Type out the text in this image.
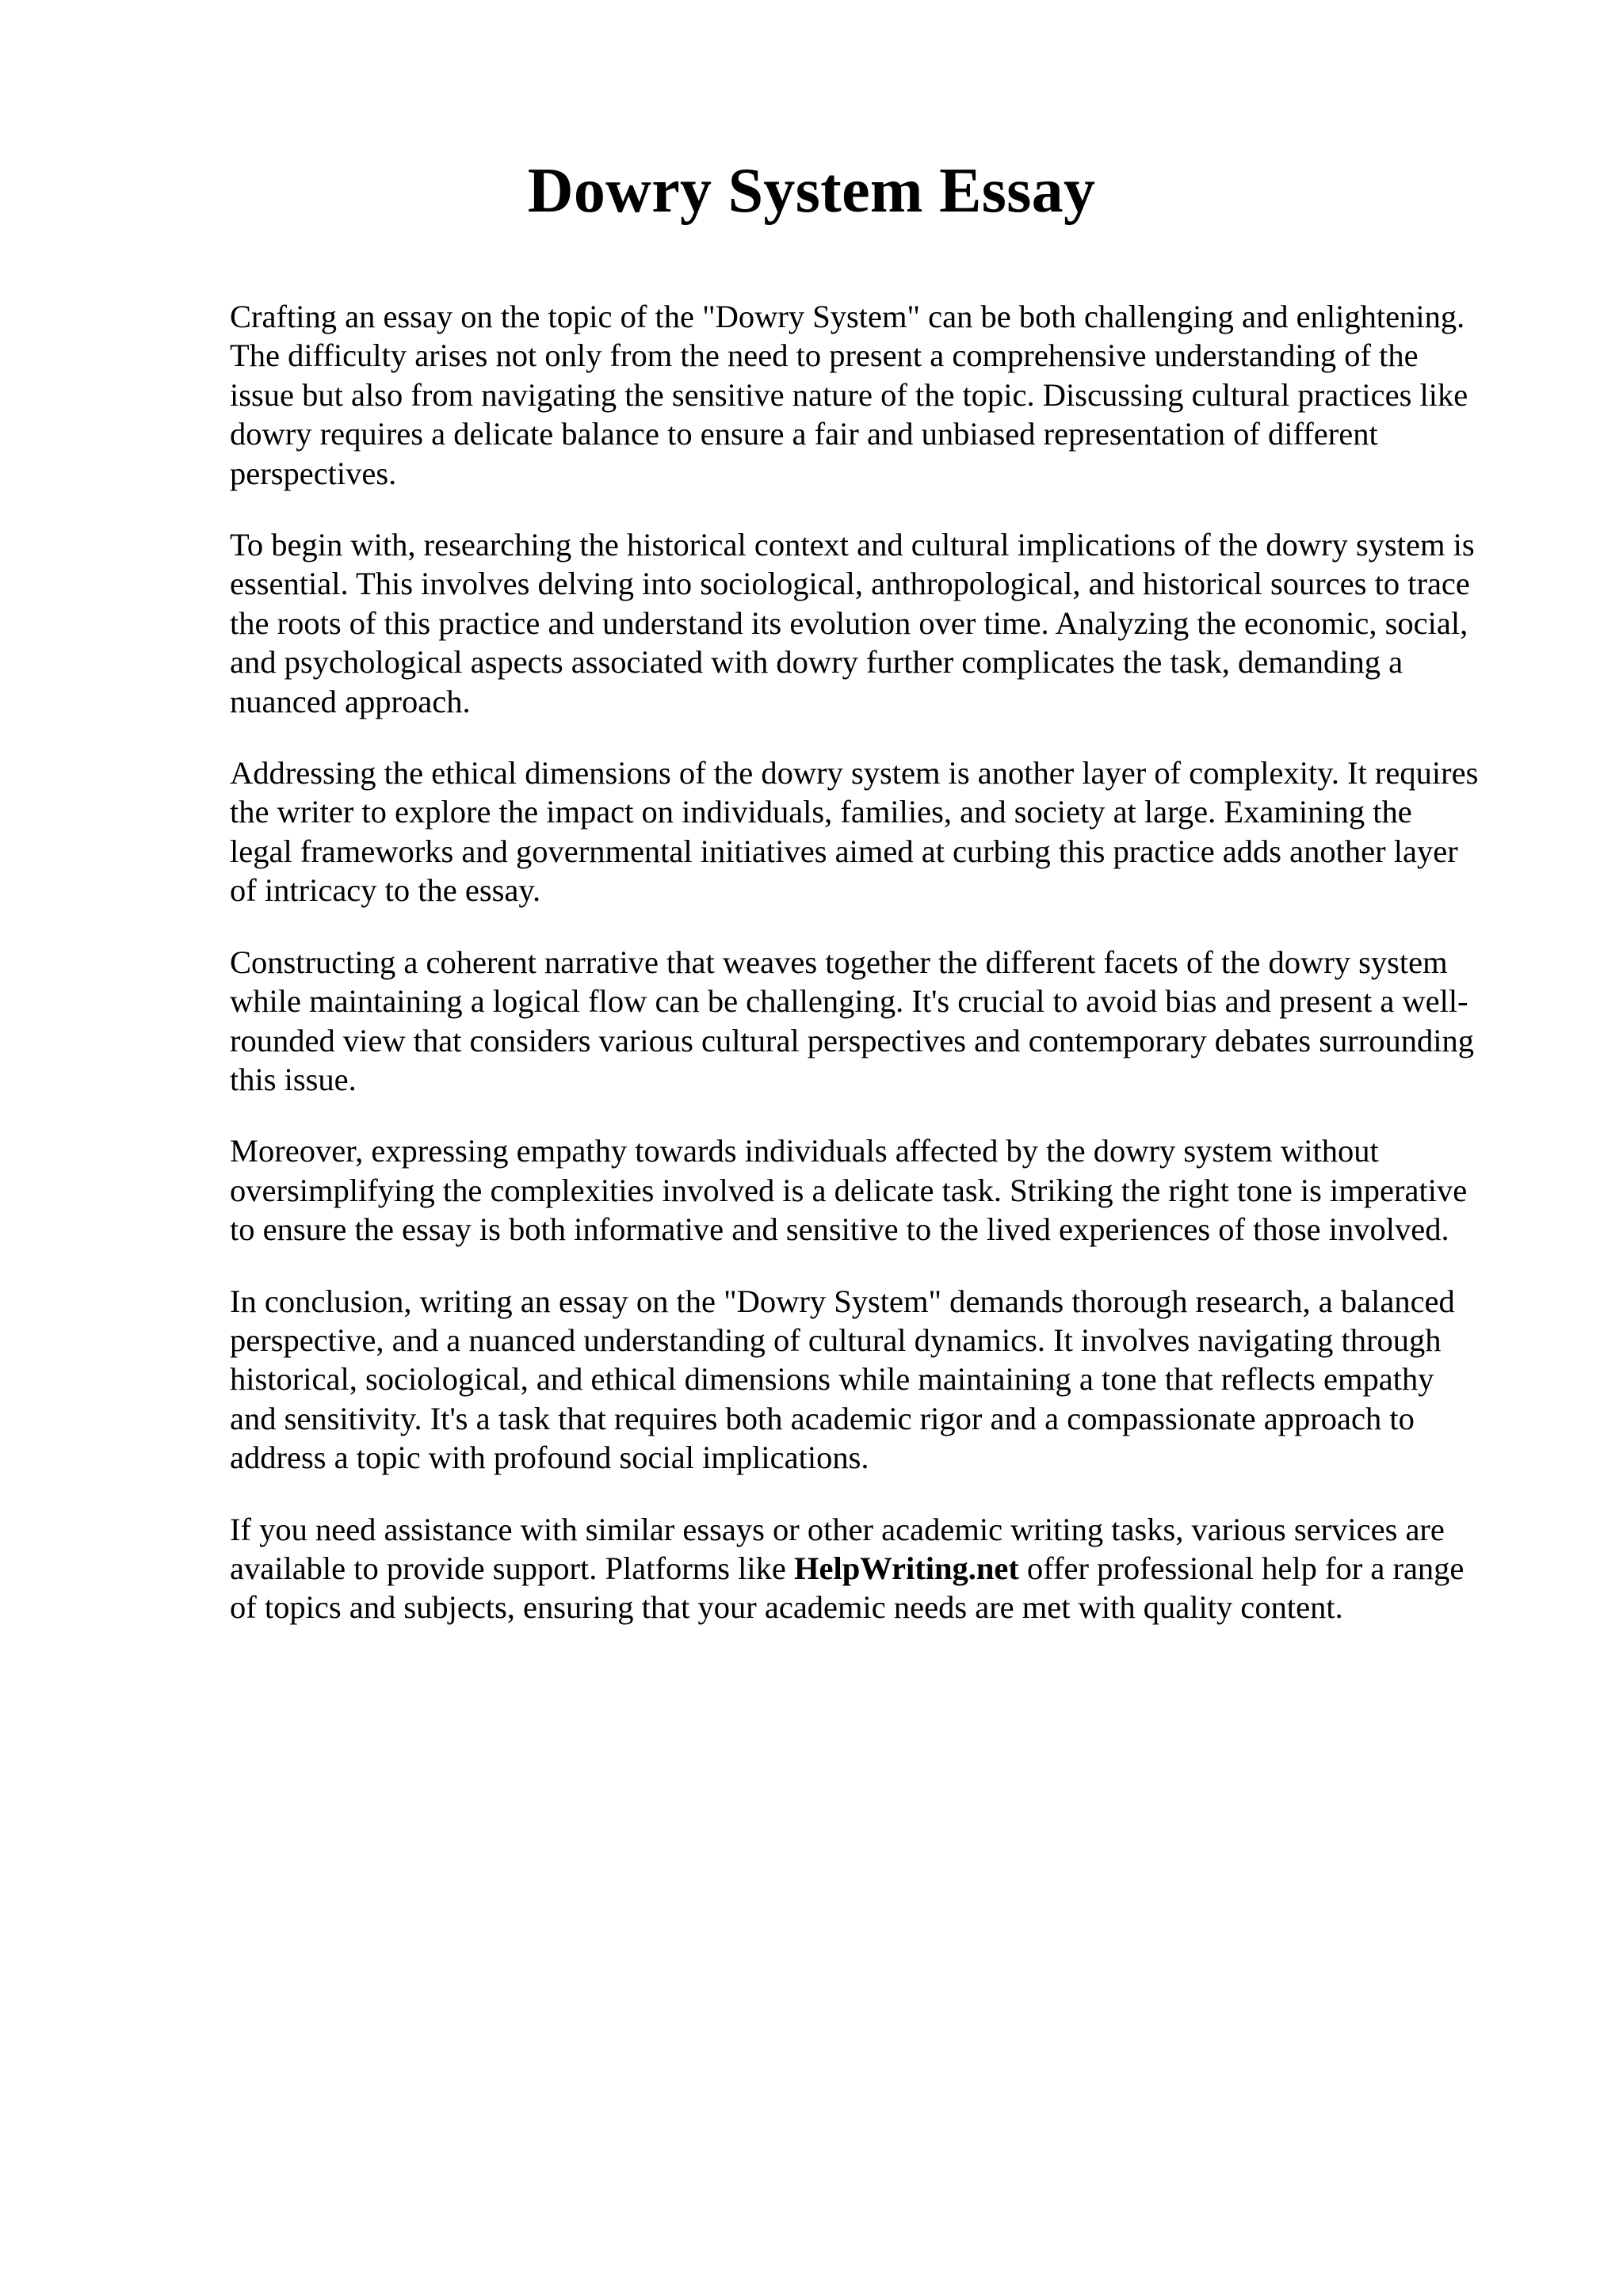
Dowry System Essay

Crafting an essay on the topic of the "Dowry System" can be both challenging and enlightening.
The difficulty arises not only from the need to present a comprehensive understanding of the
issue but also from navigating the sensitive nature of the topic. Discussing cultural practices like
dowry requires a delicate balance to ensure a fair and unbiased representation of different
perspectives.

To begin with, researching the historical context and cultural implications of the dowry system is
essential. This involves delving into sociological, anthropological, and historical sources to trace
the roots of this practice and understand its evolution over time. Analyzing the economic, social,
and psychological aspects associated with dowry further complicates the task, demanding a
nuanced approach.

Addressing the ethical dimensions of the dowry system is another layer of complexity. It requires
the writer to explore the impact on individuals, families, and society at large. Examining the
legal frameworks and governmental initiatives aimed at curbing this practice adds another layer
of intricacy to the essay.

Constructing a coherent narrative that weaves together the different facets of the dowry system
while maintaining a logical flow can be challenging. It's crucial to avoid bias and present a well-
rounded view that considers various cultural perspectives and contemporary debates surrounding
this issue.

Moreover, expressing empathy towards individuals affected by the dowry system without
oversimplifying the complexities involved is a delicate task. Striking the right tone is imperative
to ensure the essay is both informative and sensitive to the lived experiences of those involved.

In conclusion, writing an essay on the "Dowry System" demands thorough research, a balanced
perspective, and a nuanced understanding of cultural dynamics. It involves navigating through
historical, sociological, and ethical dimensions while maintaining a tone that reflects empathy
and sensitivity. It's a task that requires both academic rigor and a compassionate approach to
address a topic with profound social implications.

If you need assistance with similar essays or other academic writing tasks, various services are
available to provide support. Platforms like HelpWriting.net offer professional help for a range
of topics and subjects, ensuring that your academic needs are met with quality content.
